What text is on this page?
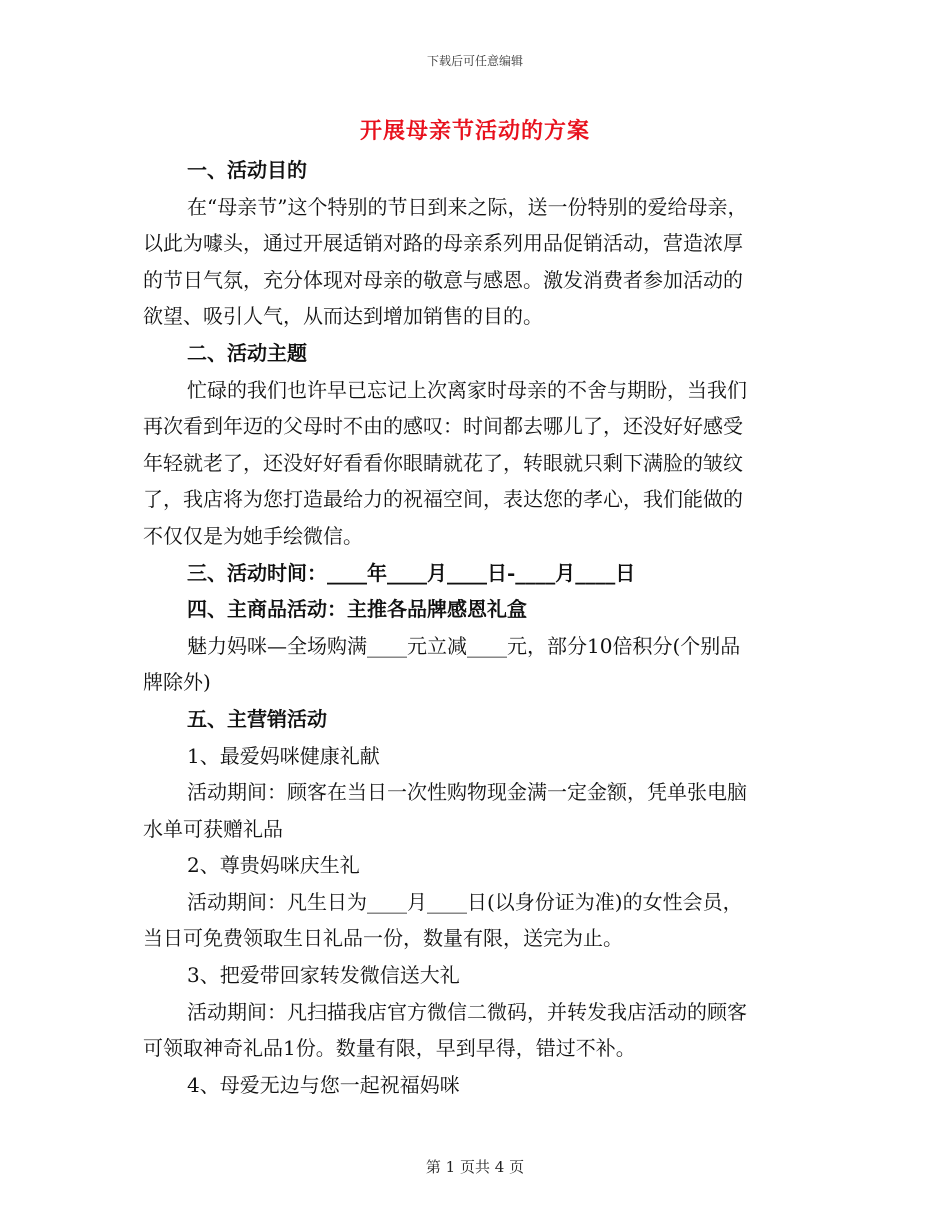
下载后可任意编辑
开展母亲节活动的方案
一、活动目的
在“母亲节”这个特别的节日到来之际，送一份特别的爱给母亲，
以此为噱头，通过开展适销对路的母亲系列用品促销活动，营造浓厚
的节日气氛，充分体现对母亲的敬意与感恩。激发消费者参加活动的
欲望、吸引人气，从而达到增加销售的目的。
二、活动主题
忙碌的我们也许早已忘记上次离家时母亲的不舍与期盼，当我们
再次看到年迈的父母时不由的感叹：时间都去哪儿了，还没好好感受
年轻就老了，还没好好看看你眼睛就花了，转眼就只剩下满脸的皱纹
了，我店将为您打造最给力的祝福空间，表达您的孝心，我们能做的
不仅仅是为她手绘微信。
三、活动时间：____年____月____日-____月____日
四、主商品活动：主推各品牌感恩礼盒
魅力妈咪—全场购满____元立减____元，部分10倍积分(个别品
牌除外)
五、主营销活动
1、最爱妈咪健康礼献
活动期间：顾客在当日一次性购物现金满一定金额，凭单张电脑
水单可获赠礼品
2、尊贵妈咪庆生礼
活动期间：凡生日为____月____日(以身份证为准)的女性会员，
当日可免费领取生日礼品一份，数量有限，送完为止。
3、把爱带回家转发微信送大礼
活动期间：凡扫描我店官方微信二微码，并转发我店活动的顾客
可领取神奇礼品1份。数量有限，早到早得，错过不补。
4、母爱无边与您一起祝福妈咪
第 1 页共 4 页
